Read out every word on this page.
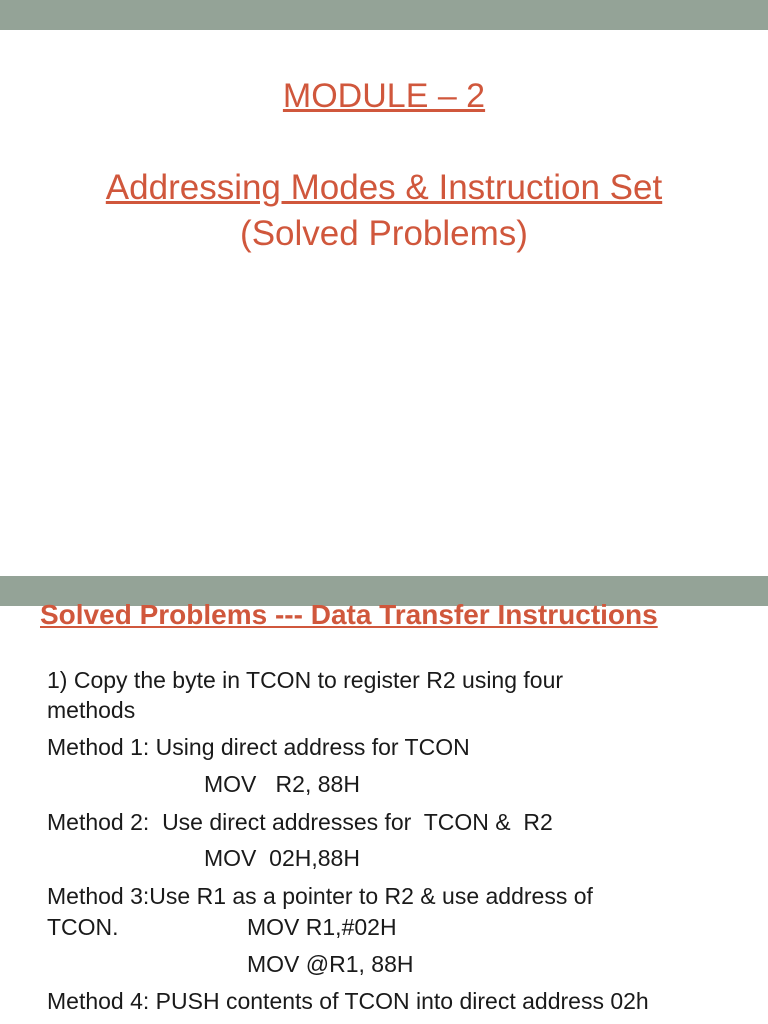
MODULE – 2
Addressing Modes & Instruction Set
(Solved Problems)
Solved Problems --- Data Transfer Instructions
1) Copy the byte in TCON to register R2 using four
methods
Method 1: Using direct address for TCON
MOV   R2, 88H
Method 2:  Use direct addresses for  TCON &  R2
MOV  02H,88H
Method 3:Use R1 as a pointer to R2 & use address of
TCON.	MOV R1,#02H
MOV @R1, 88H
Method 4: PUSH contents of TCON into direct address 02h
